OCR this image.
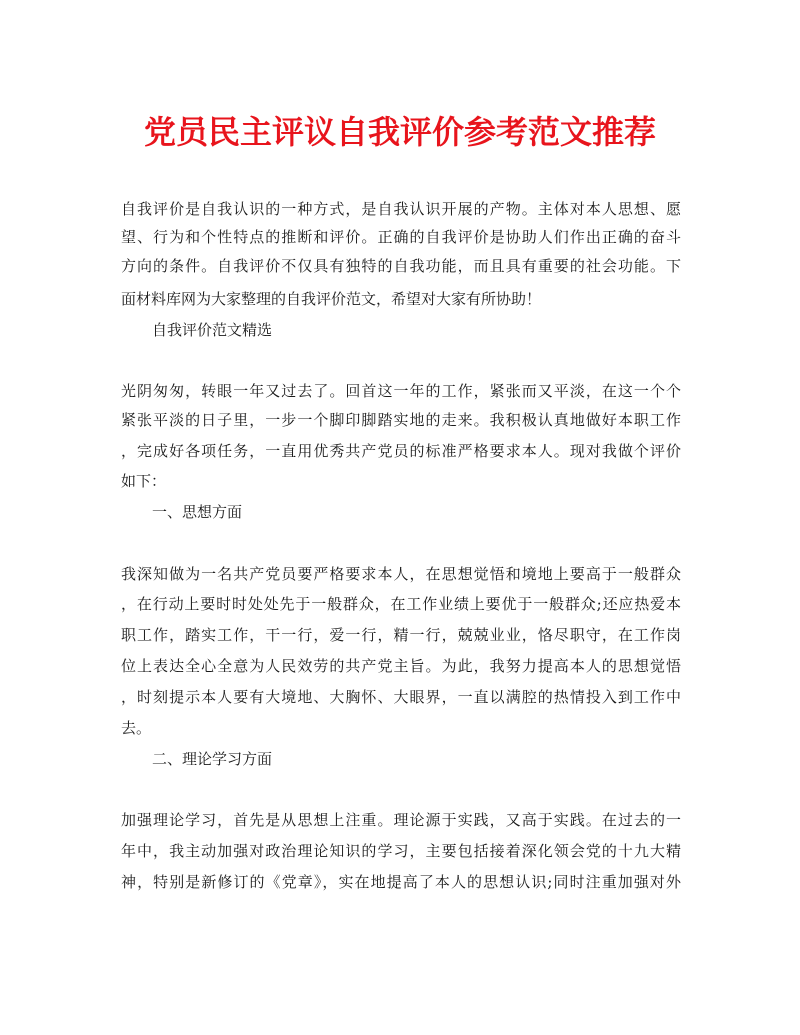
党员民主评议自我评价参考范文推荐
自我评价是自我认识的一种方式，是自我认识开展的产物。主体对本人思想、愿
望、行为和个性特点的推断和评价。正确的自我评价是协助人们作出正确的奋斗
方向的条件。自我评价不仅具有独特的自我功能，而且具有重要的社会功能。下
面材料库网为大家整理的自我评价范文，希望对大家有所协助！
自我评价范文精选
光阴匆匆，转眼一年又过去了。回首这一年的工作，紧张而又平淡，在这一个个
紧张平淡的日子里，一步一个脚印脚踏实地的走来。我积极认真地做好本职工作
，完成好各项任务，一直用优秀共产党员的标准严格要求本人。现对我做个评价
如下：
一、思想方面
我深知做为一名共产党员要严格要求本人，在思想觉悟和境地上要高于一般群众
，在行动上要时时处处先于一般群众，在工作业绩上要优于一般群众;还应热爱本
职工作，踏实工作，干一行，爱一行，精一行，兢兢业业，恪尽职守，在工作岗
位上表达全心全意为人民效劳的共产党主旨。为此，我努力提高本人的思想觉悟
，时刻提示本人要有大境地、大胸怀、大眼界，一直以满腔的热情投入到工作中
去。
二、理论学习方面
加强理论学习，首先是从思想上注重。理论源于实践，又高于实践。在过去的一
年中，我主动加强对政治理论知识的学习，主要包括接着深化领会党的十九大精
神，特别是新修订的《党章》，实在地提高了本人的思想认识;同时注重加强对外
